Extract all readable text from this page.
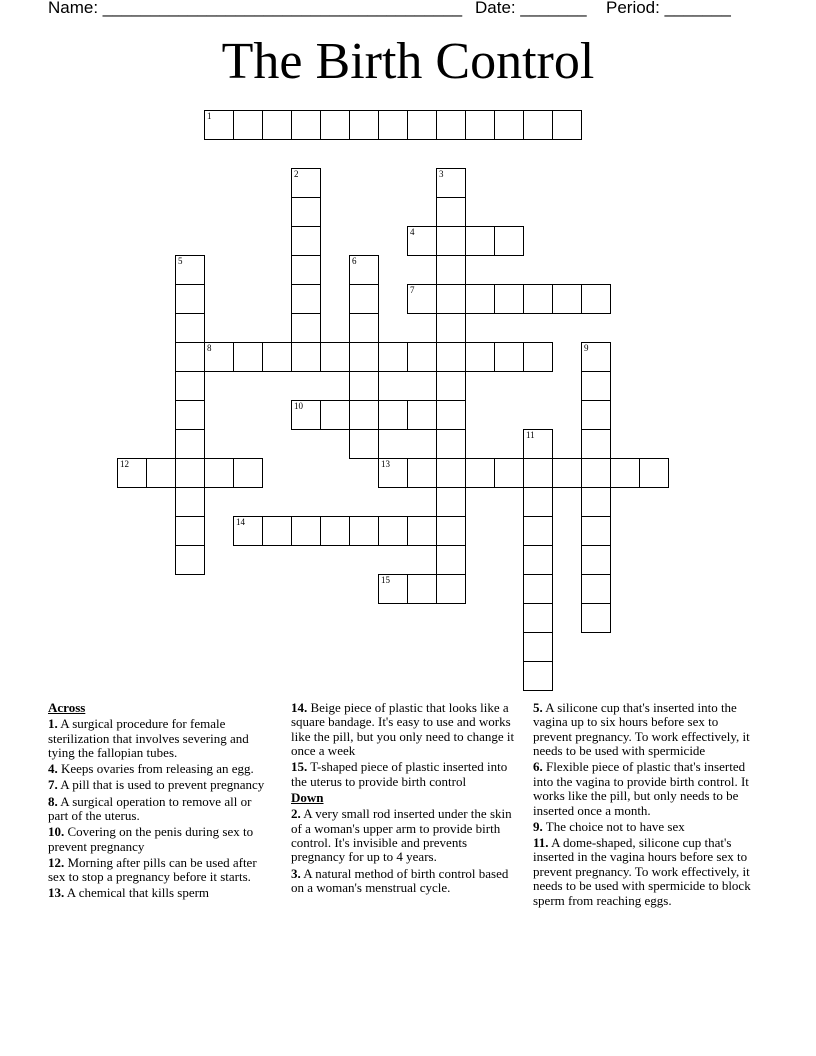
Name: ______________________________________ Date: _______ Period: _______
The Birth Control
1
2	3
4
5	6
7
8	9
10
11
12	13
14
15
Across
1. A surgical procedure for female sterilization that involves severing and tying the fallopian tubes.
4. Keeps ovaries from releasing an egg.
7. A pill that is used to prevent pregnancy
8. A surgical operation to remove all or part of the uterus.
10. Covering on the penis during sex to prevent pregnancy
12. Morning after pills can be used after sex to stop a pregnancy before it starts.
13. A chemical that kills sperm
14. Beige piece of plastic that looks like a square bandage. It's easy to use and works like the pill, but you only need to change it once a week
15. T-shaped piece of plastic inserted into the uterus to provide birth control
Down
2. A very small rod inserted under the skin of a woman's upper arm to provide birth control. It's invisible and prevents pregnancy for up to 4 years.
3. A natural method of birth control based on a woman's menstrual cycle.
5. A silicone cup that's inserted into the vagina up to six hours before sex to prevent pregnancy. To work effectively, it needs to be used with spermicide
6. Flexible piece of plastic that's inserted into the vagina to provide birth control. It works like the pill, but only needs to be inserted once a month.
9. The choice not to have sex
11. A dome-shaped, silicone cup that's inserted in the vagina hours before sex to prevent pregnancy. To work effectively, it needs to be used with spermicide to block sperm from reaching eggs.
